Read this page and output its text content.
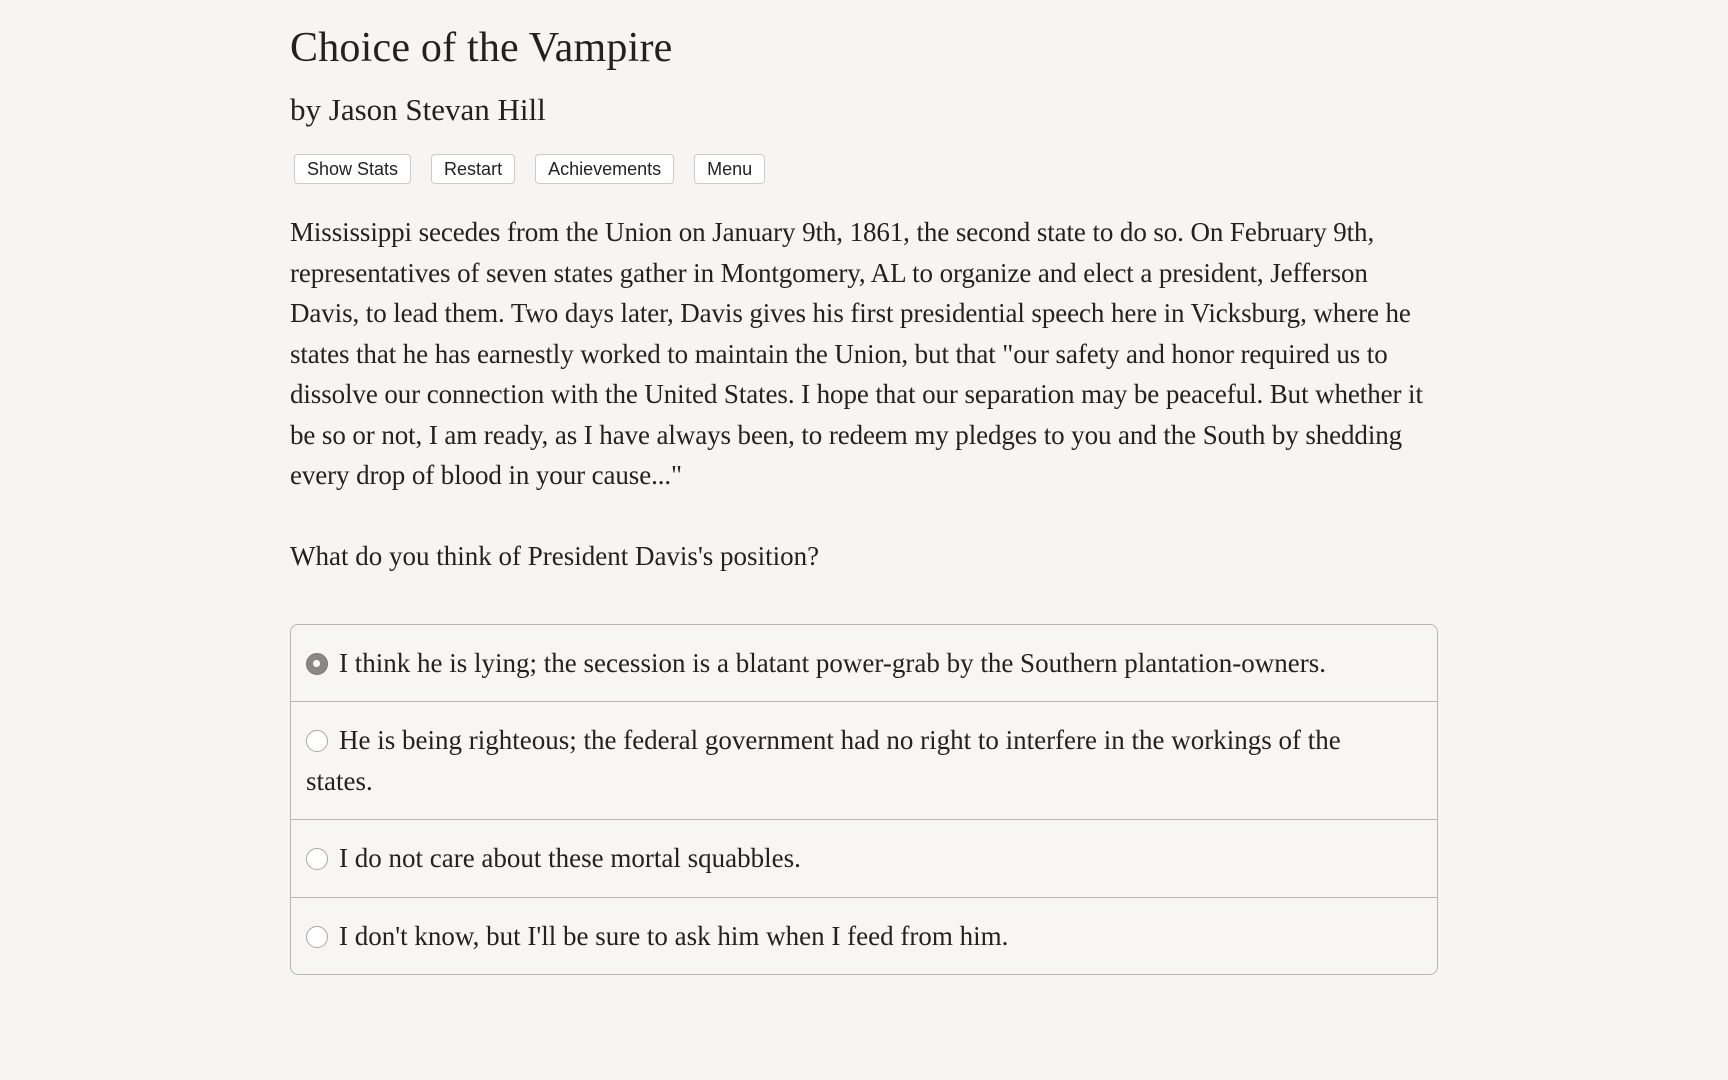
Choice of the Vampire
by Jason Stevan Hill
Show Stats	Restart	Achievements	Menu

Mississippi secedes from the Union on January 9th, 1861, the second state to do so. On February 9th, representatives of seven states gather in Montgomery, AL to organize and elect a president, Jefferson Davis, to lead them. Two days later, Davis gives his first presidential speech here in Vicksburg, where he states that he has earnestly worked to maintain the Union, but that "our safety and honor required us to dissolve our connection with the United States. I hope that our separation may be peaceful. But whether it be so or not, I am ready, as I have always been, to redeem my pledges to you and the South by shedding every drop of blood in your cause..."

What do you think of President Davis's position?

I think he is lying; the secession is a blatant power-grab by the Southern plantation-owners.
He is being righteous; the federal government had no right to interfere in the workings of the states.
I do not care about these mortal squabbles.
I don't know, but I'll be sure to ask him when I feed from him.
